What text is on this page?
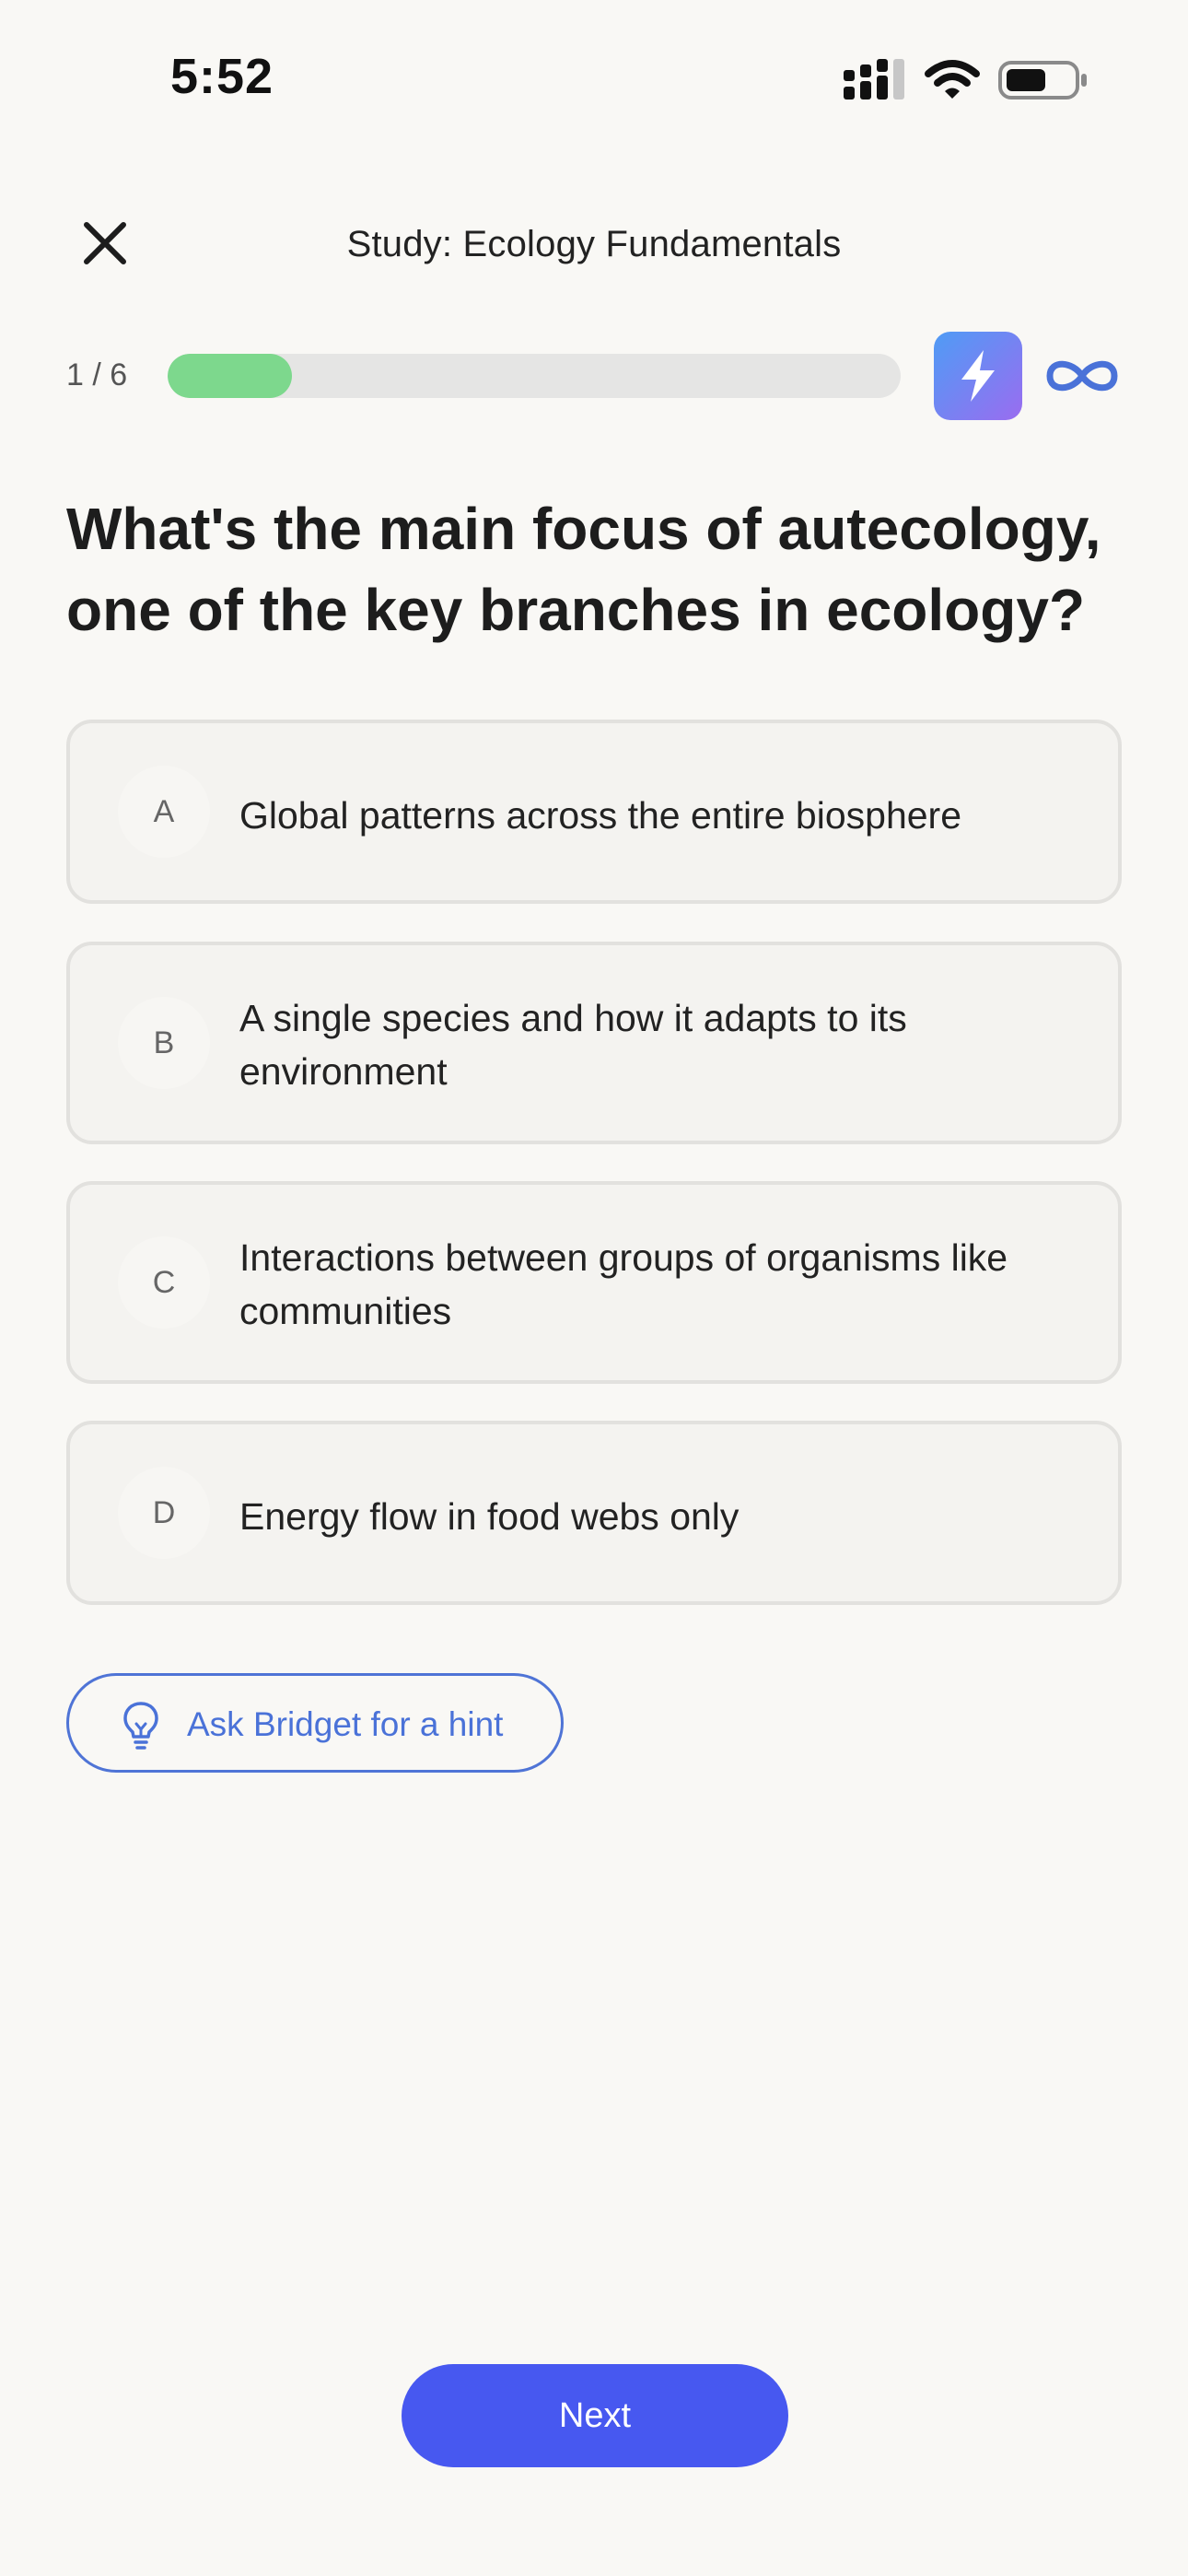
5:52
Study: Ecology Fundamentals
1 / 6
What's the main focus of autecology, one of the key branches in ecology?
A	Global patterns across the entire biosphere
B
A single species and how it adapts to its environment
C
Interactions between groups of organisms like communities
D	Energy flow in food webs only
Ask Bridget for a hint
Next
